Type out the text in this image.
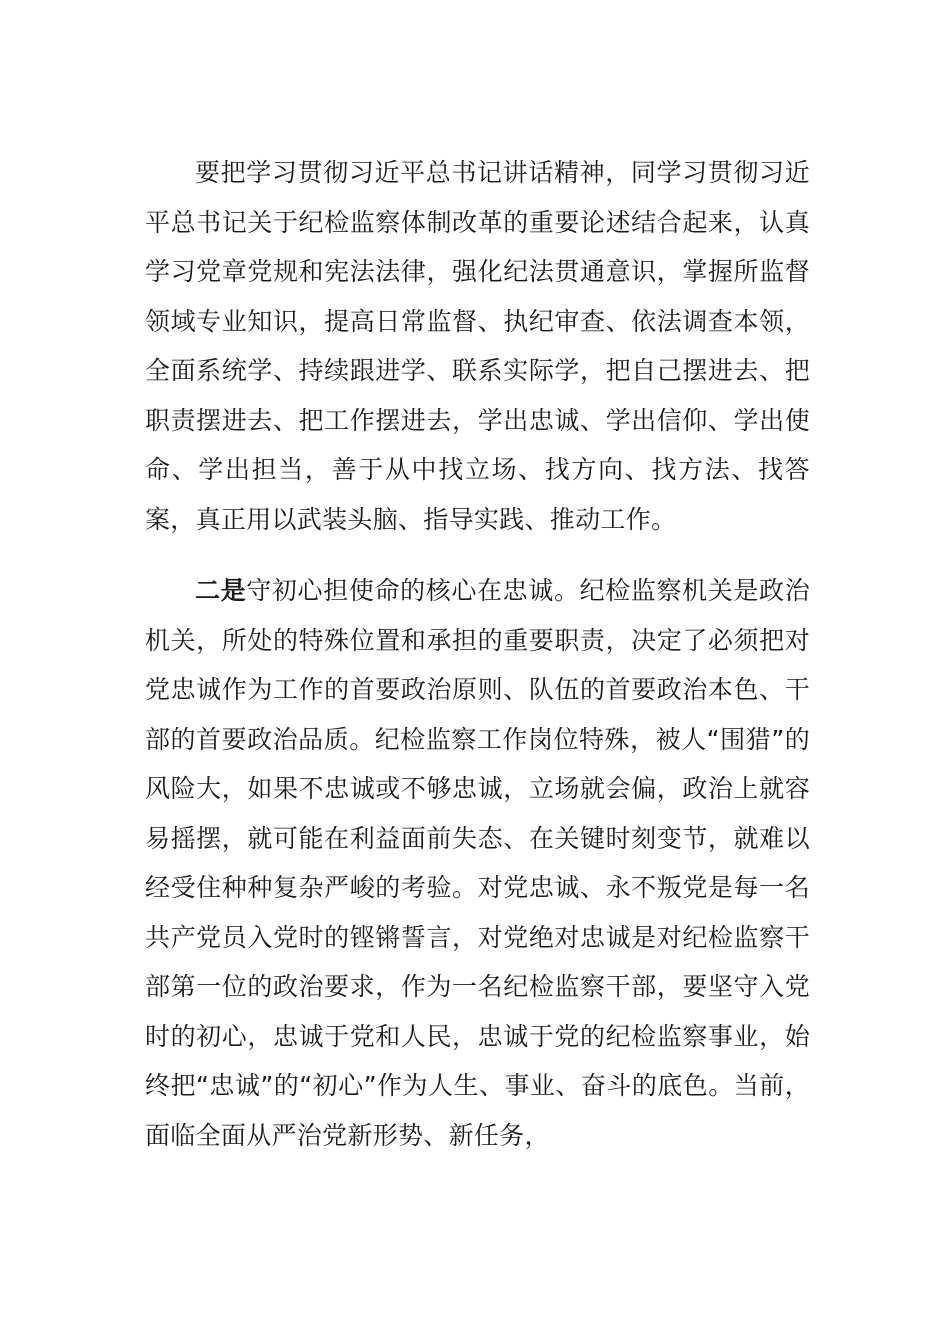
要把学习贯彻习近平总书记讲话精神，同学习贯彻习近平总书记关于纪检监察体制改革的重要论述结合起来，认真学习党章党规和宪法法律，强化纪法贯通意识，掌握所监督领域专业知识，提高日常监督、执纪审查、依法调查本领，全面系统学、持续跟进学、联系实际学，把自己摆进去、把职责摆进去、把工作摆进去，学出忠诚、学出信仰、学出使命、学出担当，善于从中找立场、找方向、找方法、找答案，真正用以武装头脑、指导实践、推动工作。

二是守初心担使命的核心在忠诚。纪检监察机关是政治机关，所处的特殊位置和承担的重要职责，决定了必须把对党忠诚作为工作的首要政治原则、队伍的首要政治本色、干部的首要政治品质。纪检监察工作岗位特殊，被人“围猎”的风险大，如果不忠诚或不够忠诚，立场就会偏，政治上就容易摇摆，就可能在利益面前失态、在关键时刻变节，就难以经受住种种复杂严峻的考验。对党忠诚、永不叛党是每一名共产党员入党时的铿锵誓言，对党绝对忠诚是对纪检监察干部第一位的政治要求，作为一名纪检监察干部，要坚守入党时的初心，忠诚于党和人民，忠诚于党的纪检监察事业，始终把“忠诚”的“初心”作为人生、事业、奋斗的底色。当前，面临全面从严治党新形势、新任务，
